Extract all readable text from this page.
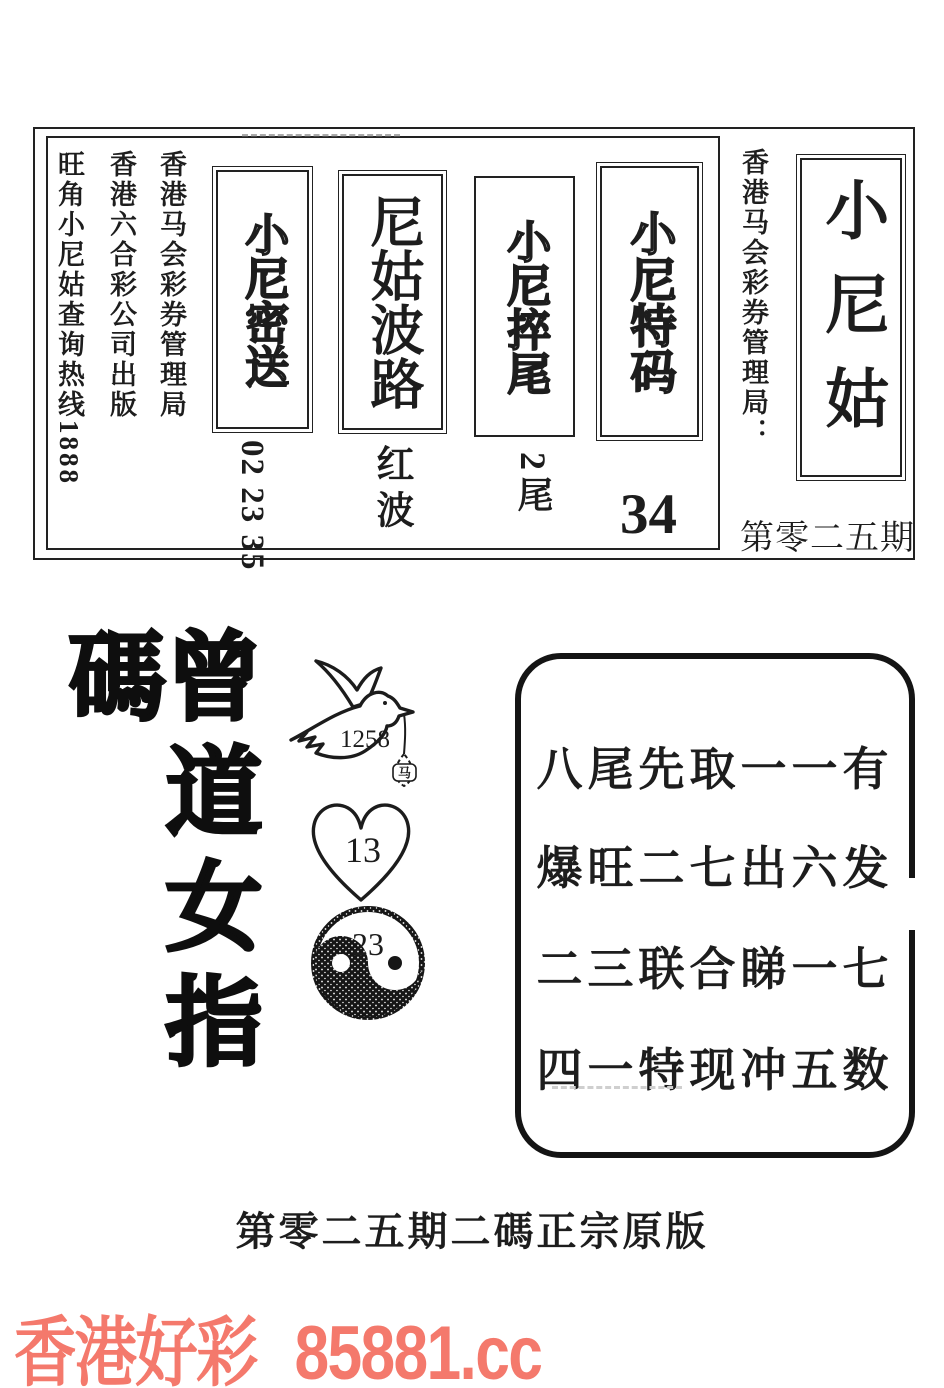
旺角小尼姑查询热线1888 香港六合彩公司出版 香港马会彩券管理局 小尼密送
02 23 35
尼姑波路
红波
小尼捽尾
2尾
小尼特码
34
香港马会彩券管理局： 小尼姑
第零二五期
曾道女指碼
马
1258
13
23
八尾先取一一有
爆旺二七出六发
二三联合睇一七
四一特现冲五数
第零二五期二碼正宗原版
香港好彩 85881.cc
